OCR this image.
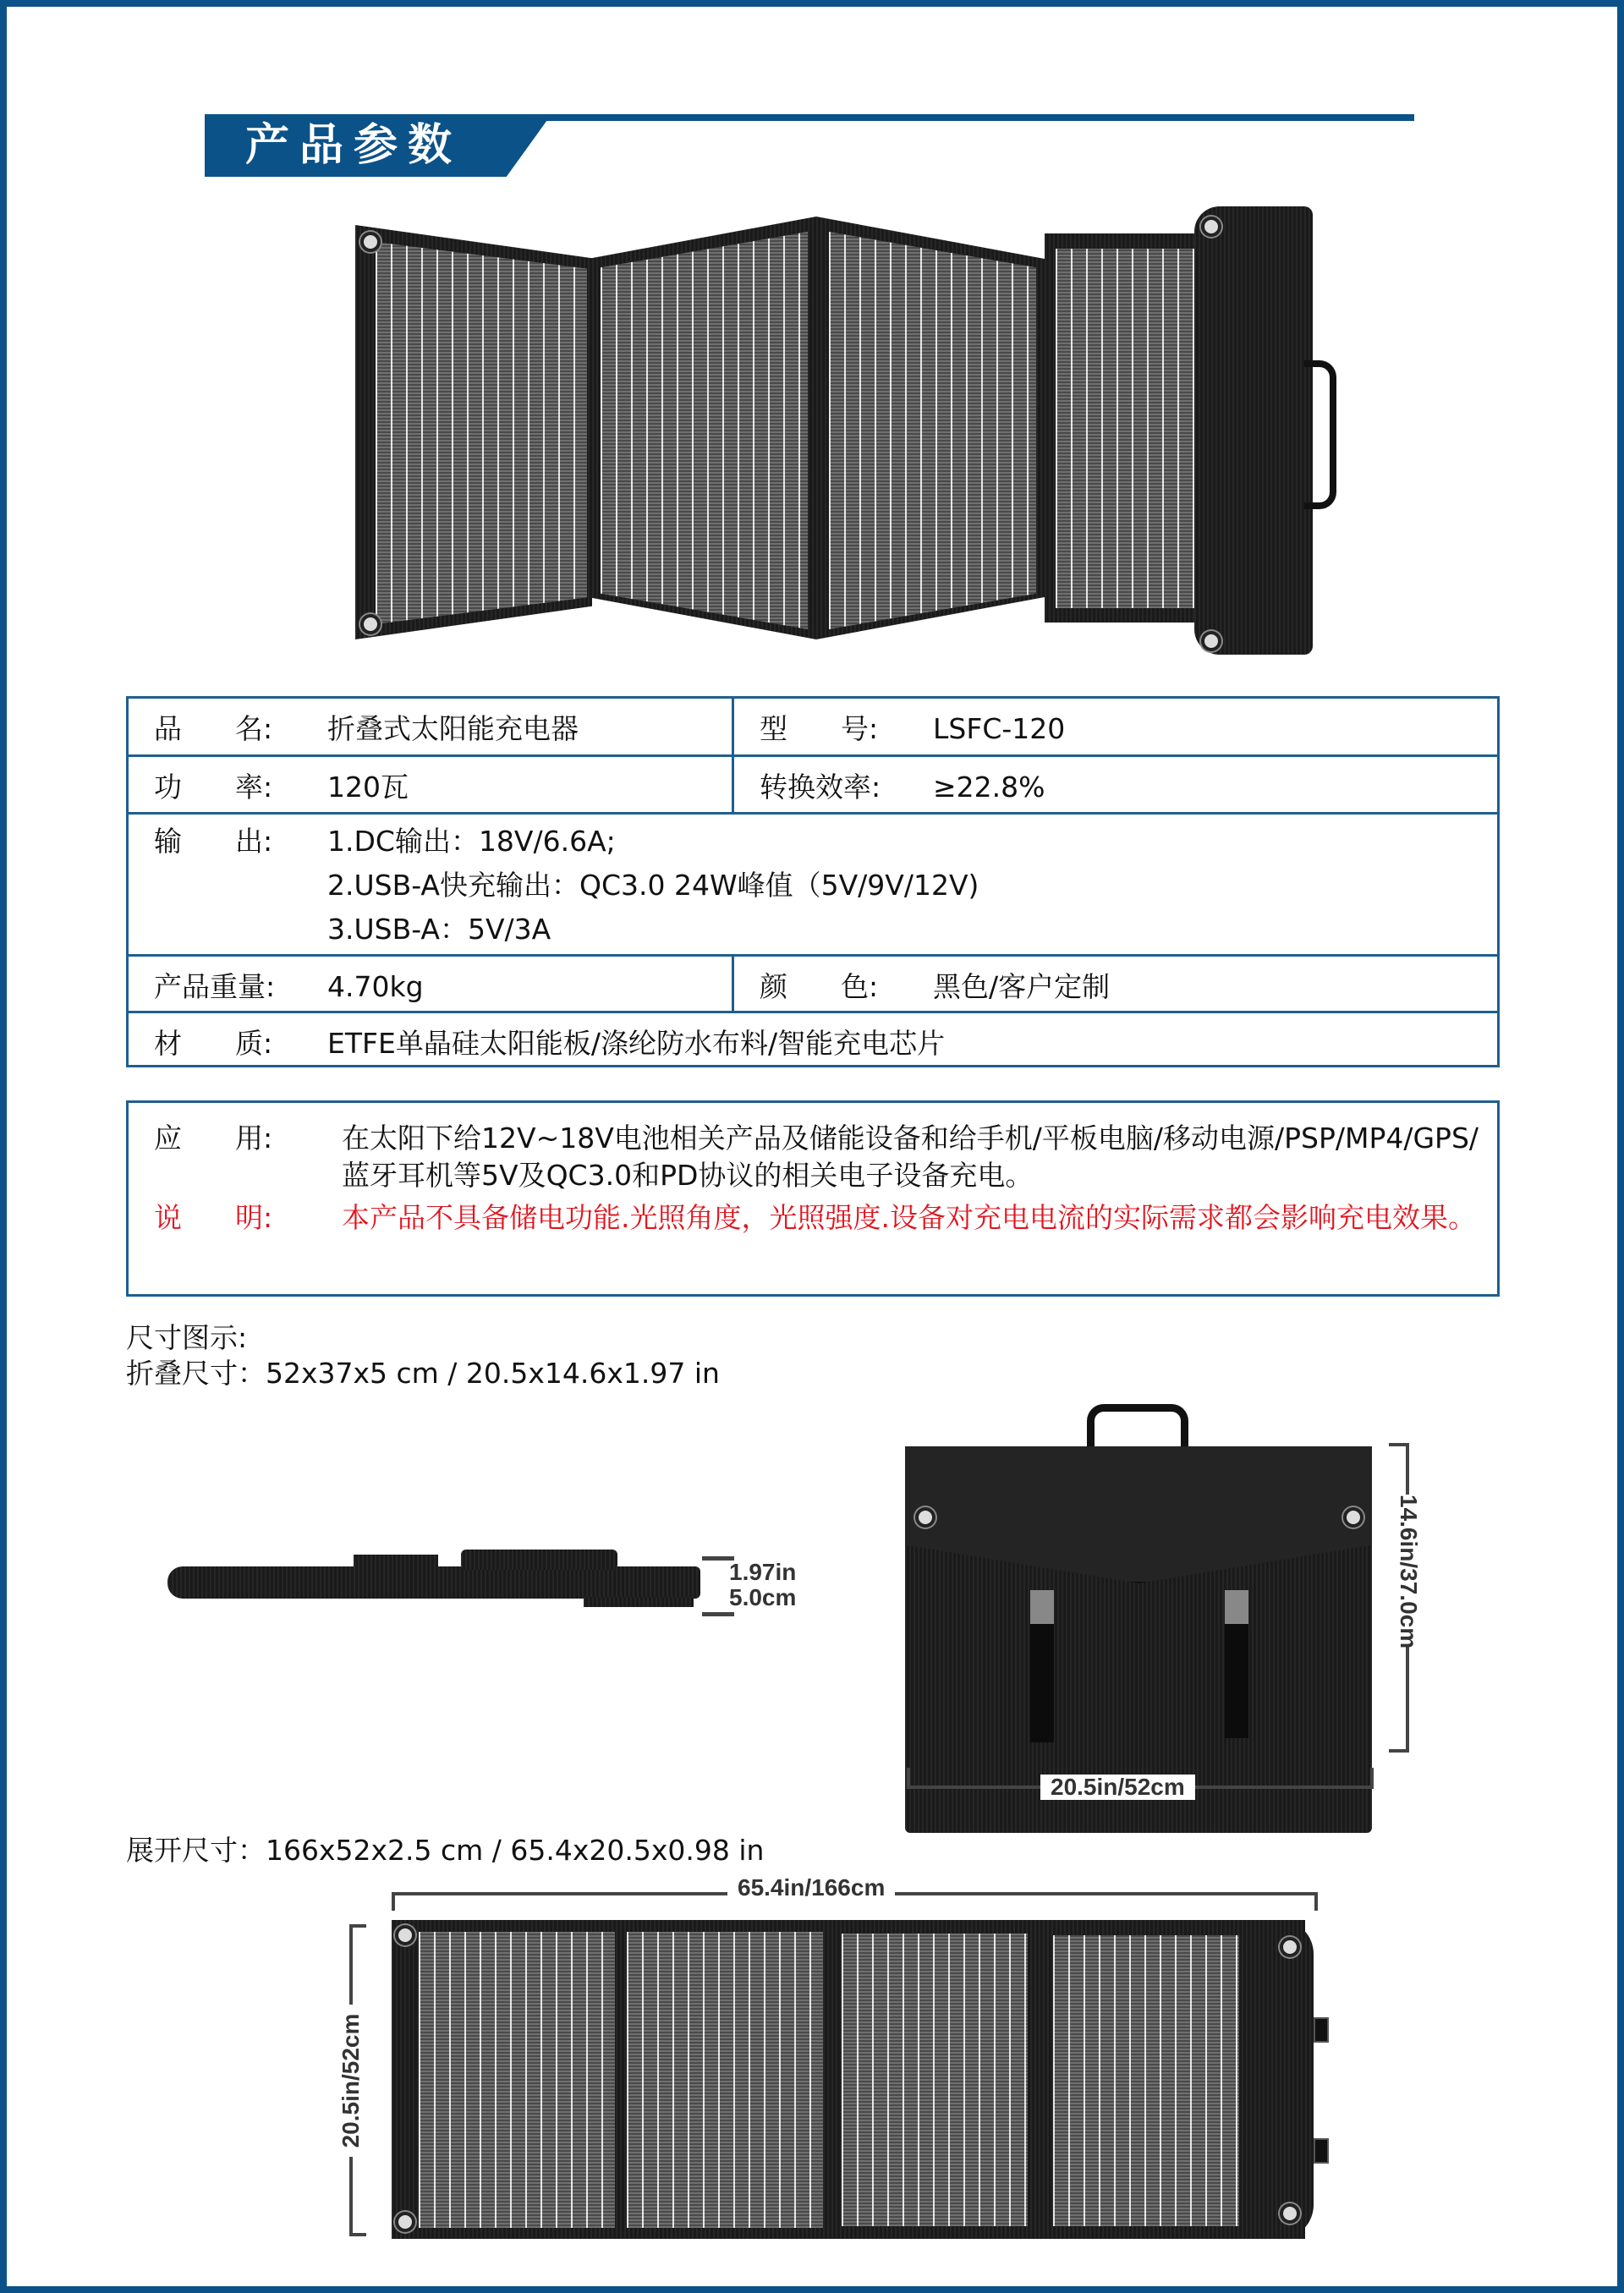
产品参数
品      名:	折叠式太阳能充电器	型      号:	LSFC-120
功      率:	120瓦	转换效率:	≥22.8%
输      出:	1.DC输出：18V/6.6A;
2.USB-A快充输出：QC3.0 24W峰值（5V/9V/12V)
3.USB-A：5V/3A
产品重量:	4.70kg	颜      色:	黑色/客户定制
材      质:	ETFE单晶硅太阳能板/涤纶防水布料/智能充电芯片
应      用:	在太阳下给12V~18V电池相关产品及储能设备和给手机/平板电脑/移动电源/PSP/MP4/GPS/蓝牙耳机等5V及QC3.0和PD协议的相关电子设备充电。
说      明:	本产品不具备储电功能.光照角度，光照强度.设备对充电电流的实际需求都会影响充电效果。
尺寸图示:
折叠尺寸：52x37x5 cm / 20.5x14.6x1.97 in
1.97in
5.0cm	14.6in/37.0cm
20.5in/52cm
展开尺寸：166x52x2.5 cm / 65.4x20.5x0.98 in
65.4in/166cm
20.5in/52cm
